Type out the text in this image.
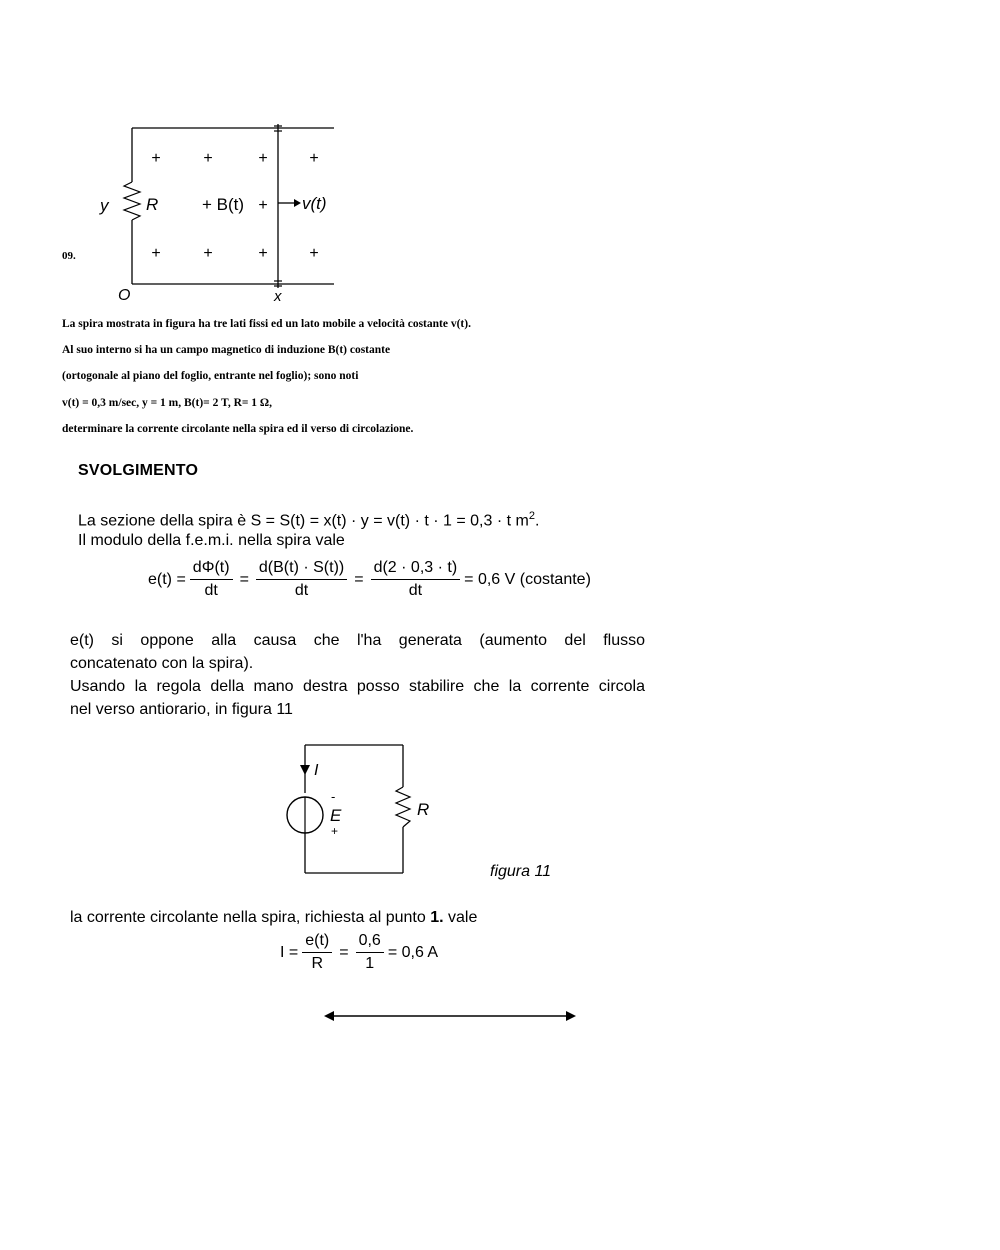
+	+	+	+
+
+	+	+	+
R
y	+ B(t)	v(t)
O	x
09.
La spira mostrata in figura ha tre lati fissi ed un lato mobile a velocità costante v(t).
Al suo interno si ha un campo magnetico di induzione B(t) costante
(ortogonale al piano del foglio, entrante nel foglio); sono noti
v(t) = 0,3 m/sec, y = 1 m, B(t)= 2 T, R= 1 Ω,
determinare la corrente circolante nella spira ed il verso di circolazione.
SVOLGIMENTO
La sezione della spira è S = S(t) = x(t) · y = v(t) · t · 1 = 0,3 · t $m^2$.
Il modulo della f.e.m.i. nella spira vale
$e(t) = \frac{d\Phi(t)}{dt} = \frac{d(B(t) \cdot S(t))}{dt} = \frac{d(2 \cdot 0,3 \cdot t)}{dt} = 0,6$ V (costante)
e(t) si oppone alla causa che l'ha generata (aumento del flusso
concatenato con la spira).
Usando la regola della mano destra posso stabilire che la corrente circola
nel verso antiorario, in figura 11
I
-
E
+
R
figura 11
la corrente circolante nella spira, richiesta al punto 1. vale
$I = \frac{e(t)}{R} = \frac{0,6}{1} = 0,6$ A
